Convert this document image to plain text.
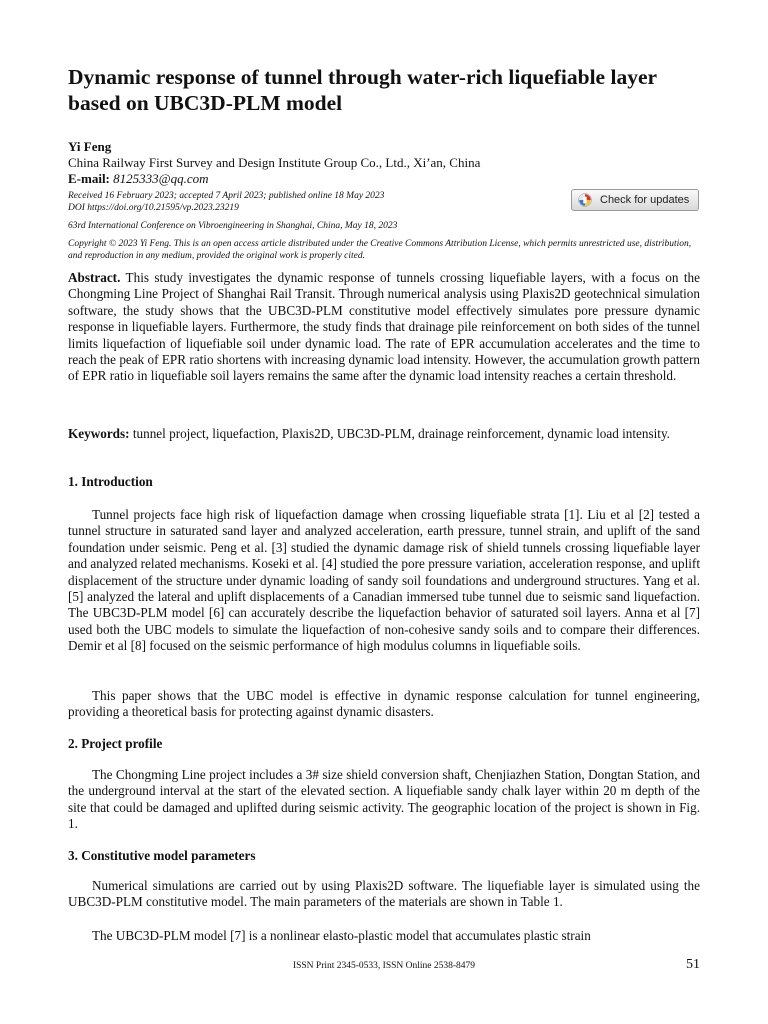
Dynamic response of tunnel through water-rich liquefiable layer based on UBC3D-PLM model
Yi Feng
China Railway First Survey and Design Institute Group Co., Ltd., Xi’an, China
E-mail: 8125333@qq.com
Received 16 February 2023; accepted 7 April 2023; published online 18 May 2023
DOI https://doi.org/10.21595/vp.2023.23219
63rd International Conference on Vibroengineering in Shanghai, China, May 18, 2023
Copyright © 2023 Yi Feng. This is an open access article distributed under the Creative Commons Attribution License, which permits unrestricted use, distribution, and reproduction in any medium, provided the original work is properly cited.
Check for updates

Abstract. This study investigates the dynamic response of tunnels crossing liquefiable layers, with a focus on the Chongming Line Project of Shanghai Rail Transit. Through numerical analysis using Plaxis2D geotechnical simulation software, the study shows that the UBC3D-PLM constitutive model effectively simulates pore pressure dynamic response in liquefiable layers. Furthermore, the study finds that drainage pile reinforcement on both sides of the tunnel limits liquefaction of liquefiable soil under dynamic load. The rate of EPR accumulation accelerates and the time to reach the peak of EPR ratio shortens with increasing dynamic load intensity. However, the accumulation growth pattern of EPR ratio in liquefiable soil layers remains the same after the dynamic load intensity reaches a certain threshold.

Keywords: tunnel project, liquefaction, Plaxis2D, UBC3D-PLM, drainage reinforcement, dynamic load intensity.

1. Introduction

Tunnel projects face high risk of liquefaction damage when crossing liquefiable strata [1]. Liu et al [2] tested a tunnel structure in saturated sand layer and analyzed acceleration, earth pressure, tunnel strain, and uplift of the sand foundation under seismic. Peng et al. [3] studied the dynamic damage risk of shield tunnels crossing liquefiable layer and analyzed related mechanisms. Koseki et al. [4] studied the pore pressure variation, acceleration response, and uplift displacement of the structure under dynamic loading of sandy soil foundations and underground structures. Yang et al. [5] analyzed the lateral and uplift displacements of a Canadian immersed tube tunnel due to seismic sand liquefaction. The UBC3D-PLM model [6] can accurately describe the liquefaction behavior of saturated soil layers. Anna et al [7] used both the UBC models to simulate the liquefaction of non-cohesive sandy soils and to compare their differences. Demir et al [8] focused on the seismic performance of high modulus columns in liquefiable soils.

This paper shows that the UBC model is effective in dynamic response calculation for tunnel engineering, providing a theoretical basis for protecting against dynamic disasters.

2. Project profile

The Chongming Line project includes a 3# size shield conversion shaft, Chenjiazhen Station, Dongtan Station, and the underground interval at the start of the elevated section. A liquefiable sandy chalk layer within 20 m depth of the site that could be damaged and uplifted during seismic activity. The geographic location of the project is shown in Fig. 1.

3. Constitutive model parameters

Numerical simulations are carried out by using Plaxis2D software. The liquefiable layer is simulated using the UBC3D-PLM constitutive model. The main parameters of the materials are shown in Table 1.

The UBC3D-PLM model [7] is a nonlinear elasto-plastic model that accumulates plastic strain

ISSN Print 2345-0533, ISSN Online 2538-8479	51
